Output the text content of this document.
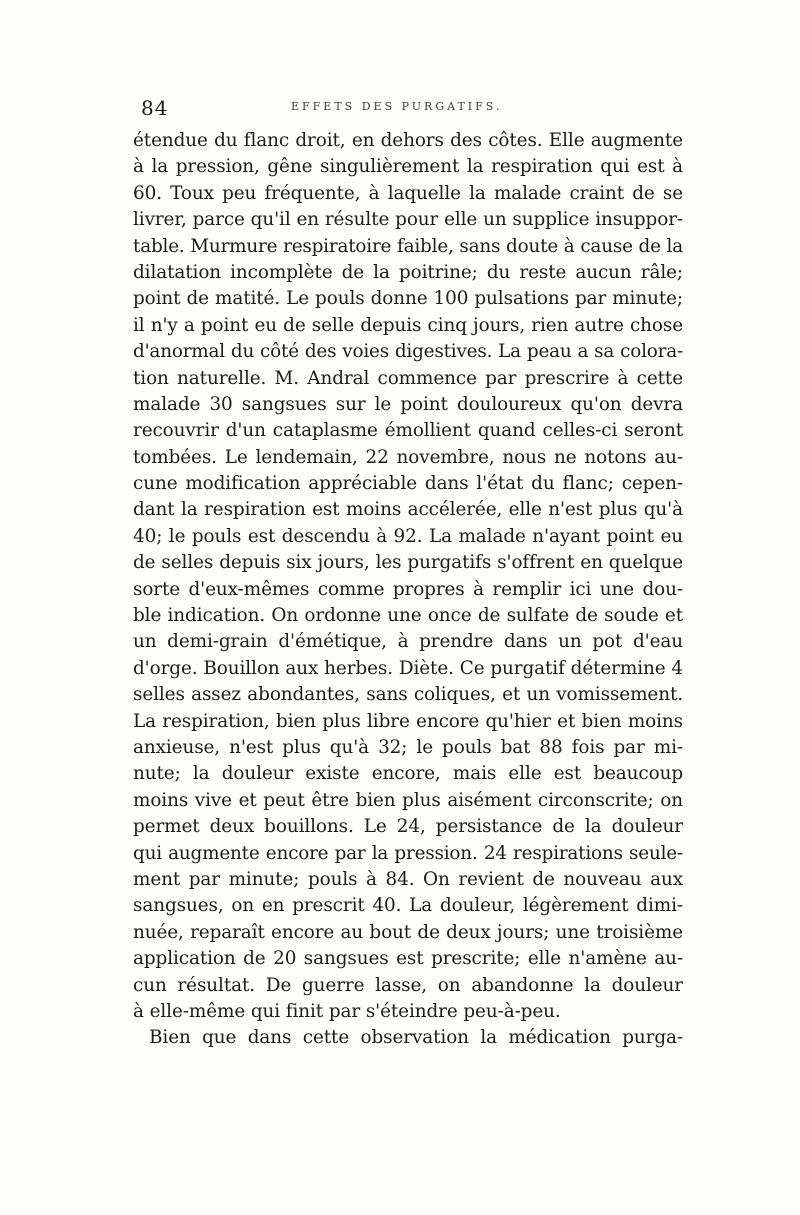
84	EFFETS DES PURGATIFS.
étendue du flanc droit, en dehors des côtes. Elle augmente
à la pression, gêne singulièrement la respiration qui est à
60. Toux peu fréquente, à laquelle la malade craint de se
livrer, parce qu'il en résulte pour elle un supplice insuppor-
table. Murmure respiratoire faible, sans doute à cause de la
dilatation incomplète de la poitrine; du reste aucun râle;
point de matité. Le pouls donne 100 pulsations par minute;
il n'y a point eu de selle depuis cinq jours, rien autre chose
d'anormal du côté des voies digestives. La peau a sa colora-
tion naturelle. M. Andral commence par prescrire à cette
malade 30 sangsues sur le point douloureux qu'on devra
recouvrir d'un cataplasme émollient quand celles-ci seront
tombées. Le lendemain, 22 novembre, nous ne notons au-
cune modification appréciable dans l'état du flanc; cepen-
dant la respiration est moins accélerée, elle n'est plus qu'à
40; le pouls est descendu à 92. La malade n'ayant point eu
de selles depuis six jours, les purgatifs s'offrent en quelque
sorte d'eux-mêmes comme propres à remplir ici une dou-
ble indication. On ordonne une once de sulfate de soude et
un demi-grain d'émétique, à prendre dans un pot d'eau
d'orge. Bouillon aux herbes. Diète. Ce purgatif détermine 4
selles assez abondantes, sans coliques, et un vomissement.
La respiration, bien plus libre encore qu'hier et bien moins
anxieuse, n'est plus qu'à 32; le pouls bat 88 fois par mi-
nute; la douleur existe encore, mais elle est beaucoup
moins vive et peut être bien plus aisément circonscrite; on
permet deux bouillons. Le 24, persistance de la douleur
qui augmente encore par la pression. 24 respirations seule-
ment par minute; pouls à 84. On revient de nouveau aux
sangsues, on en prescrit 40. La douleur, légèrement dimi-
nuée, reparaît encore au bout de deux jours; une troisième
application de 20 sangsues est prescrite; elle n'amène au-
cun résultat. De guerre lasse, on abandonne la douleur
à elle-même qui finit par s'éteindre peu-à-peu.
Bien que dans cette observation la médication purga-
